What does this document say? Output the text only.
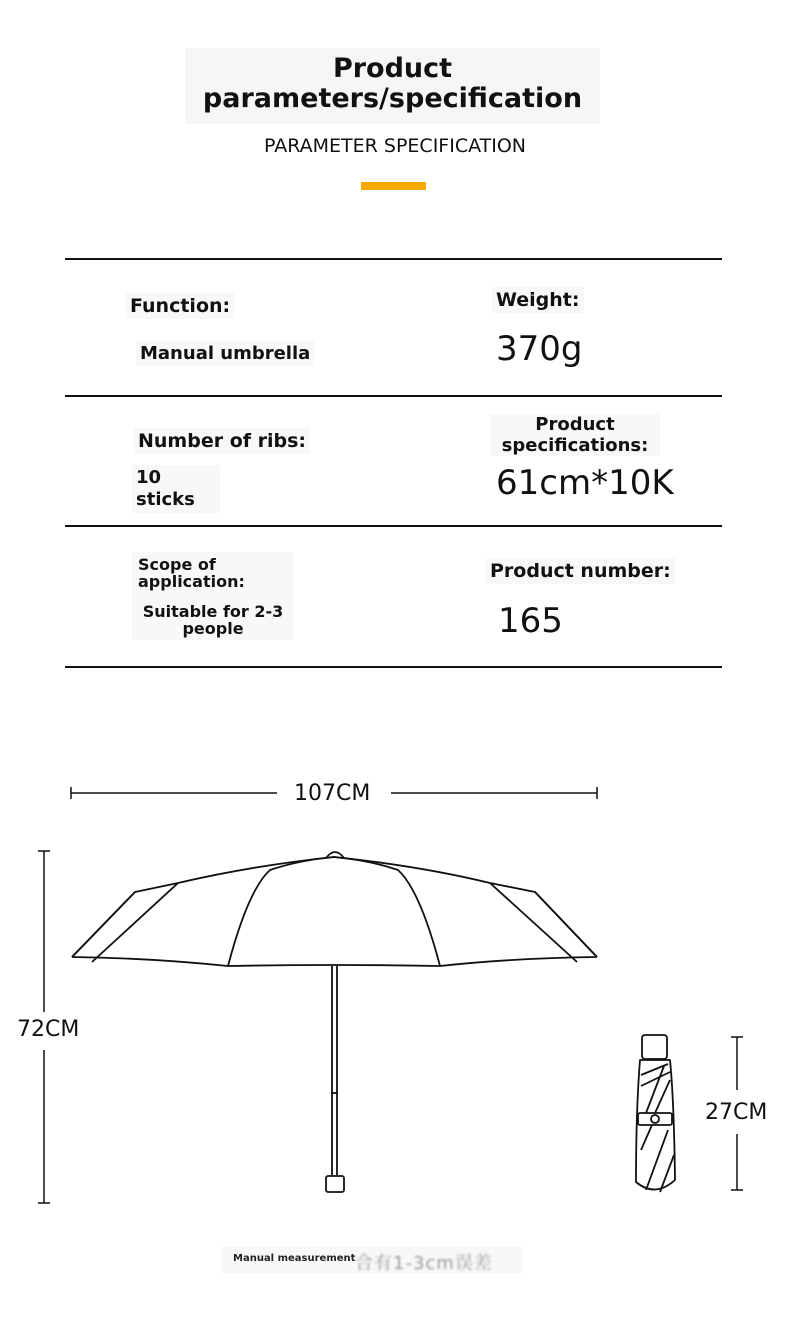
Product
parameters/specification
PARAMETER SPECIFICATION
Function:
Manual umbrella
Weight:
370g
Number of ribs:
10
sticks
Product
specifications:
61cm*10K
Scope of
application:
Suitable for 2-3
people
Product number:
165
107CM
72CM
27CM
Manual measurement 合有1-3cm误差
